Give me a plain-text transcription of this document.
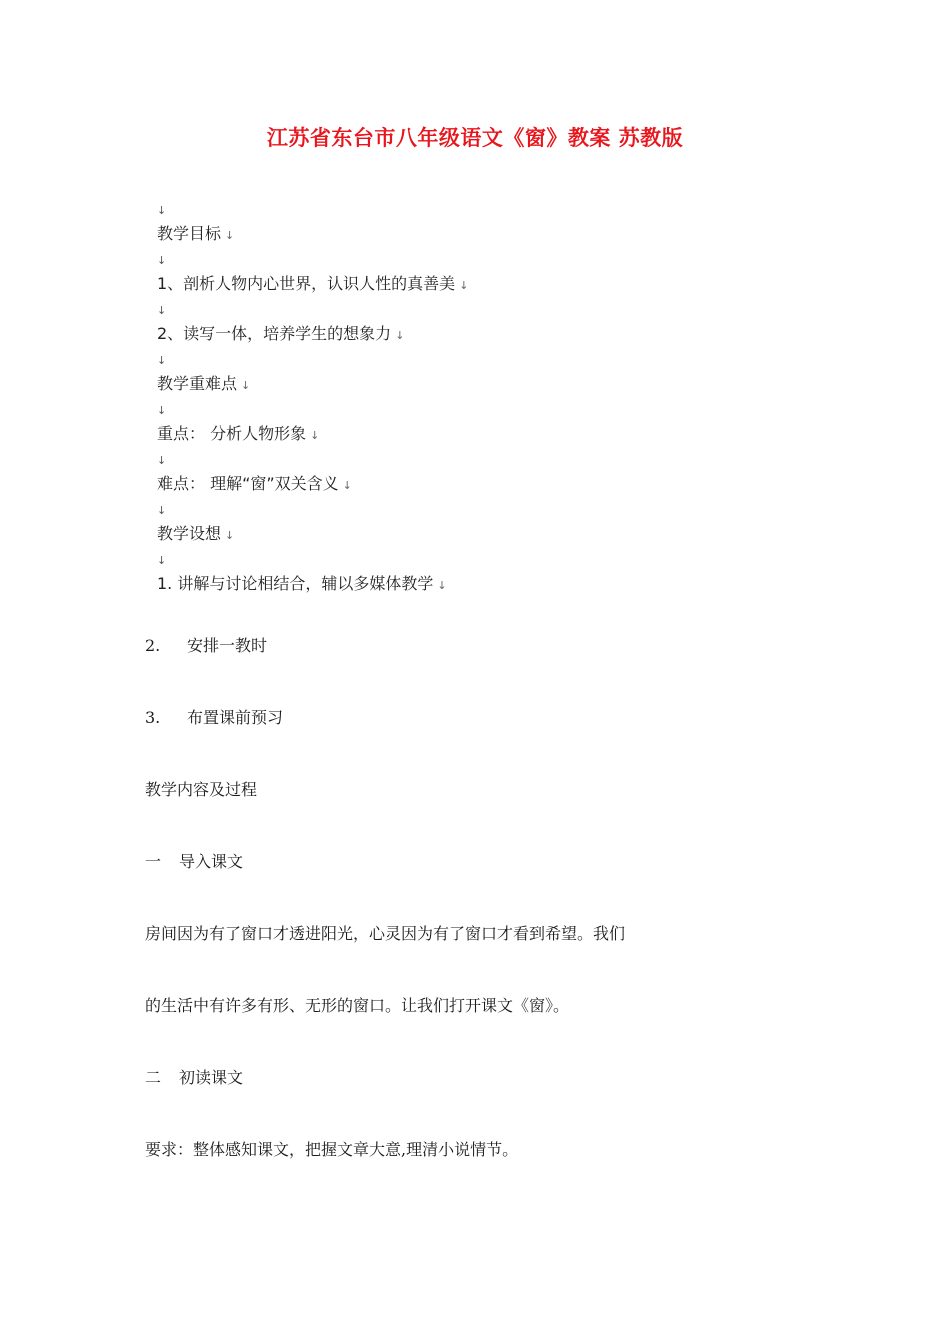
江苏省东台市八年级语文《窗》教案 苏教版
↓
教学目标 ↓
↓
1、剖析人物内心世界，认识人性的真善美 ↓
↓
2、读写一体，培养学生的想象力 ↓
↓
教学重难点 ↓
↓
重点： 分析人物形象 ↓
↓
难点： 理解“窗”双关含义 ↓
↓
教学设想 ↓
↓
1. 讲解与讨论相结合，辅以多媒体教学 ↓
2. 安排一教时
3. 布置课前预习
教学内容及过程
一 导入课文
房间因为有了窗口才透进阳光，心灵因为有了窗口才看到希望。我们
的生活中有许多有形、无形的窗口。让我们打开课文《窗》。
二 初读课文
要求：整体感知课文，把握文章大意,理清小说情节。
